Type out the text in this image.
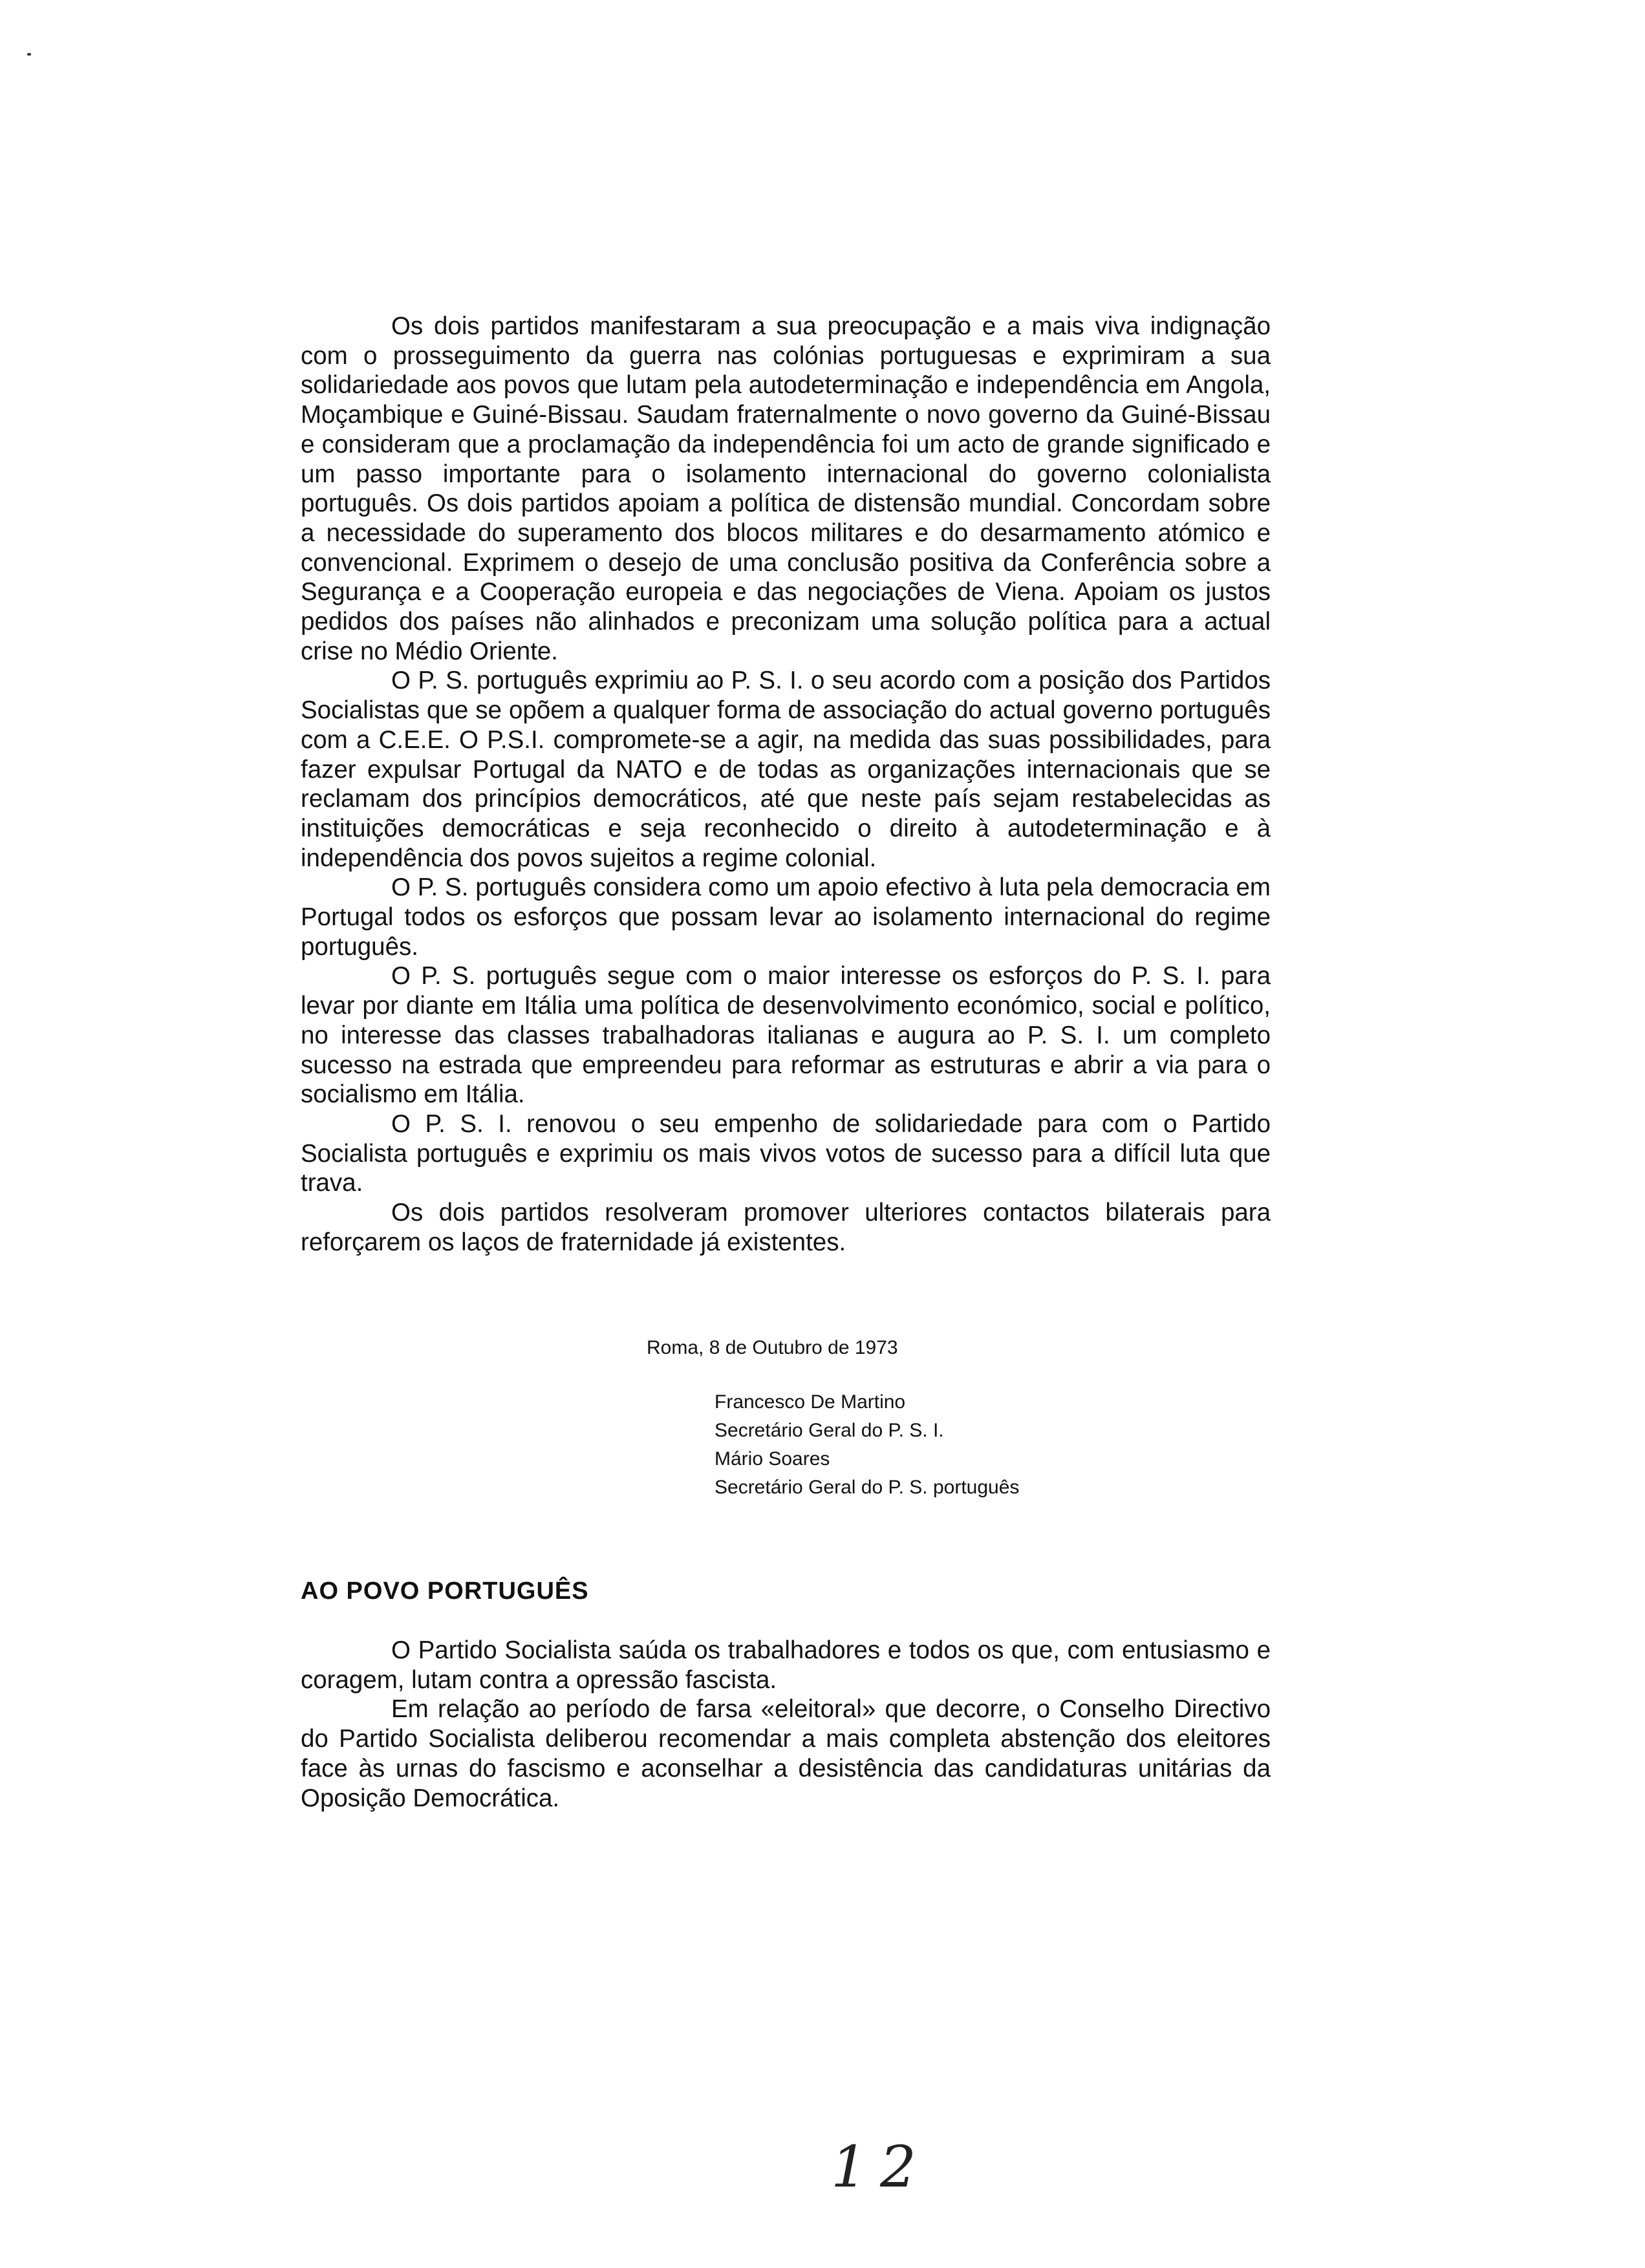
Os dois partidos manifestaram a sua preocupação e a mais viva indignação com o prosseguimento da guerra nas colónias portuguesas e exprimiram a sua solidariedade aos povos que lutam pela autodeterminação e independência em Angola, Moçambique e Guiné-Bissau. Saudam fraternalmente o novo governo da Guiné-Bissau e consideram que a proclamação da independência foi um acto de grande significado e um passo importante para o isolamento internacional do governo colonialista português. Os dois partidos apoiam a política de distensão mundial. Concordam sobre a necessidade do superamento dos blocos militares e do desarmamento atómico e convencional. Exprimem o desejo de uma conclusão positiva da Conferência sobre a Segurança e a Cooperação europeia e das negociações de Viena. Apoiam os justos pedidos dos países não alinhados e preconizam uma solução política para a actual crise no Médio Oriente.

O P. S. português exprimiu ao P. S. I. o seu acordo com a posição dos Partidos Socialistas que se opõem a qualquer forma de associação do actual governo português com a C.E.E. O P.S.I. compromete-se a agir, na medida das suas possibilidades, para fazer expulsar Portugal da NATO e de todas as organizações internacionais que se reclamam dos princípios democráticos, até que neste país sejam restabelecidas as instituições democráticas e seja reconhecido o direito à autodeterminação e à independência dos povos sujeitos a regime colonial.

O P. S. português considera como um apoio efectivo à luta pela democracia em Portugal todos os esforços que possam levar ao isolamento internacional do regime português.

O P. S. português segue com o maior interesse os esforços do P. S. I. para levar por diante em Itália uma política de desenvolvimento económico, social e político, no interesse das classes trabalhadoras italianas e augura ao P. S. I. um completo sucesso na estrada que empreendeu para reformar as estruturas e abrir a via para o socialismo em Itália.

O P. S. I. renovou o seu empenho de solidariedade para com o Partido Socialista português e exprimiu os mais vivos votos de sucesso para a difícil luta que trava.

Os dois partidos resolveram promover ulteriores contactos bilaterais para reforçarem os laços de fraternidade já existentes.

Roma, 8 de Outubro de 1973
Francesco De Martino
Secretário Geral do P. S. I.
Mário Soares
Secretário Geral do P. S. português
AO POVO PORTUGUÊS

O Partido Socialista saúda os trabalhadores e todos os que, com entusiasmo e coragem, lutam contra a opressão fascista.

Em relação ao período de farsa «eleitoral» que decorre, o Conselho Directivo do Partido Socialista deliberou recomendar a mais completa abstenção dos eleitores face às urnas do fascismo e aconselhar a desistência das candidaturas unitárias da Oposição Democrática.

12
